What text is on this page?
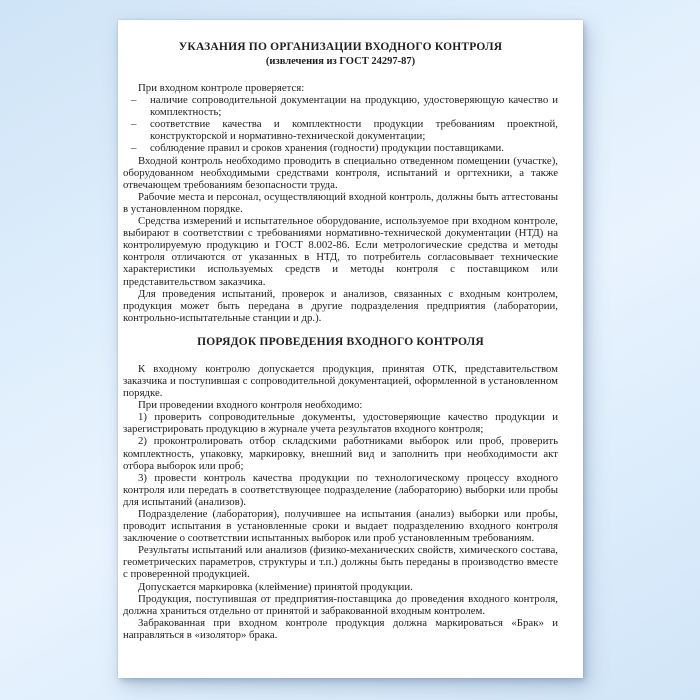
УКАЗАНИЯ ПО ОРГАНИЗАЦИИ ВХОДНОГО КОНТРОЛЯ
(извлечения из ГОСТ 24297-87)

При входном контроле проверяется:

– наличие сопроводительной документации на продукцию, удостоверяющую качество и комплектность;

– соответствие качества и комплектности продукции требованиям проектной, конструкторской и нормативно-технической документации;

– соблюдение правил и сроков хранения (годности) продукции поставщиками.

Входной контроль необходимо проводить в специально отведенном помещении (участке), оборудованном необходимыми средствами контроля, испытаний и оргтехники, а также отвечающем требованиям безопасности труда.

Рабочие места и персонал, осуществляющий входной контроль, должны быть аттестованы в установленном порядке.

Средства измерений и испытательное оборудование, используемое при входном контроле, выбирают в соответствии с требованиями нормативно-технической документации (НТД) на контролируемую продукцию и ГОСТ 8.002-86. Если метрологические средства и методы контроля отличаются от указанных в НТД, то потребитель согласовывает технические характеристики используемых средств и методы контроля с поставщиком или представительством заказчика.

Для проведения испытаний, проверок и анализов, связанных с входным контролем, продукция может быть передана в другие подразделения предприятия (лаборатории, контрольно-испытательные станции и др.).

ПОРЯДОК ПРОВЕДЕНИЯ ВХОДНОГО КОНТРОЛЯ

К входному контролю допускается продукция, принятая ОТК, представительством заказчика и поступившая с сопроводительной документацией, оформленной в установленном порядке.

При проведении входного контроля необходимо:

1) проверить сопроводительные документы, удостоверяющие качество продукции и зарегистрировать продукцию в журнале учета результатов входного контроля;

2) проконтролировать отбор складскими работниками выборок или проб, проверить комплектность, упаковку, маркировку, внешний вид и заполнить при необходимости акт отбора выборок или проб;

3) провести контроль качества продукции по технологическому процессу входного контроля или передать в соответствующее подразделение (лабораторию) выборки или пробы для испытаний (анализов).

Подразделение (лаборатория), получившее на испытания (анализ) выборки или пробы, проводит испытания в установленные сроки и выдает подразделению входного контроля заключение о соответствии испытанных выборок или проб установленным требованиям.

Результаты испытаний или анализов (физико-механических свойств, химического состава, геометрических параметров, структуры и т.п.) должны быть переданы в производство вместе с проверенной продукцией.

Допускается маркировка (клеймение) принятой продукции.

Продукция, поступившая от предприятия-поставщика до проведения входного контроля, должна храниться отдельно от принятой и забракованной входным контролем.

Забракованная при входном контроле продукция должна маркироваться «Брак» и направляться в «изолятор» брака.
